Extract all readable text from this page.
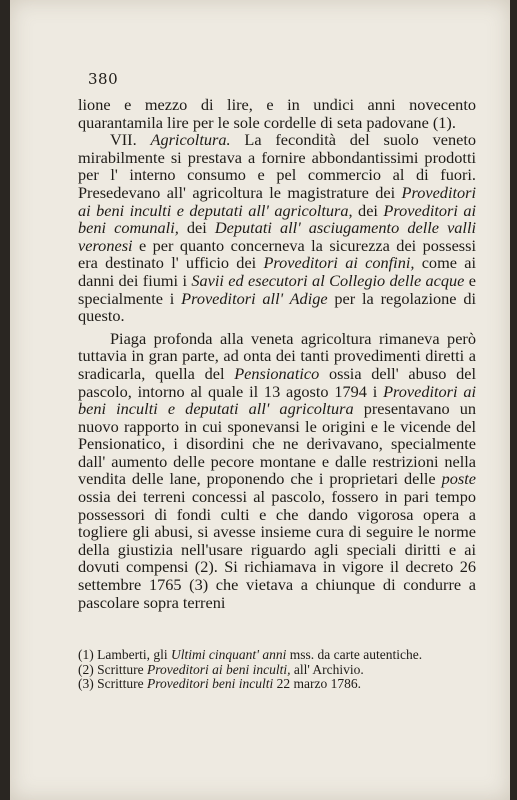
380

lione e mezzo di lire, e in undici anni novecento quarantamila lire per le sole cordelle di seta padovane (1).

VII. Agricoltura. La fecondità del suolo veneto mirabilmente si prestava a fornire abbondantissimi prodotti per l' interno consumo e pel commercio al di fuori. Presedevano all' agricoltura le magistrature dei Proveditori ai beni inculti e deputati all' agricoltura, dei Proveditori ai beni comunali, dei Deputati all' asciugamento delle valli veronesi e per quanto concerneva la sicurezza dei possessi era destinato l' ufficio dei Proveditori ai confini, come ai danni dei fiumi i Savii ed esecutori al Collegio delle acque e specialmente i Proveditori all' Adige per la regolazione di questo.

Piaga profonda alla veneta agricoltura rimaneva però tuttavia in gran parte, ad onta dei tanti provedimenti diretti a sradicarla, quella del Pensionatico ossia dell' abuso del pascolo, intorno al quale il 13 agosto 1794 i Proveditori ai beni inculti e deputati all' agricoltura presentavano un nuovo rapporto in cui sponevansi le origini e le vicende del Pensionatico, i disordini che ne derivavano, specialmente dall' aumento delle pecore montane e dalle restrizioni nella vendita delle lane, proponendo che i proprietari delle poste ossia dei terreni concessi al pascolo, fossero in pari tempo possessori di fondi culti e che dando vigorosa opera a togliere gli abusi, si avesse insieme cura di seguire le norme della giustizia nell'usare riguardo agli speciali diritti e ai dovuti compensi (2). Si richiamava in vigore il decreto 26 settembre 1765 (3) che vietava a chiunque di condurre a pascolare sopra terreni

(1) Lamberti, gli Ultimi cinquant' anni mss. da carte autentiche.

(2) Scritture Proveditori ai beni inculti, all' Archivio.

(3) Scritture Proveditori beni inculti 22 marzo 1786.
